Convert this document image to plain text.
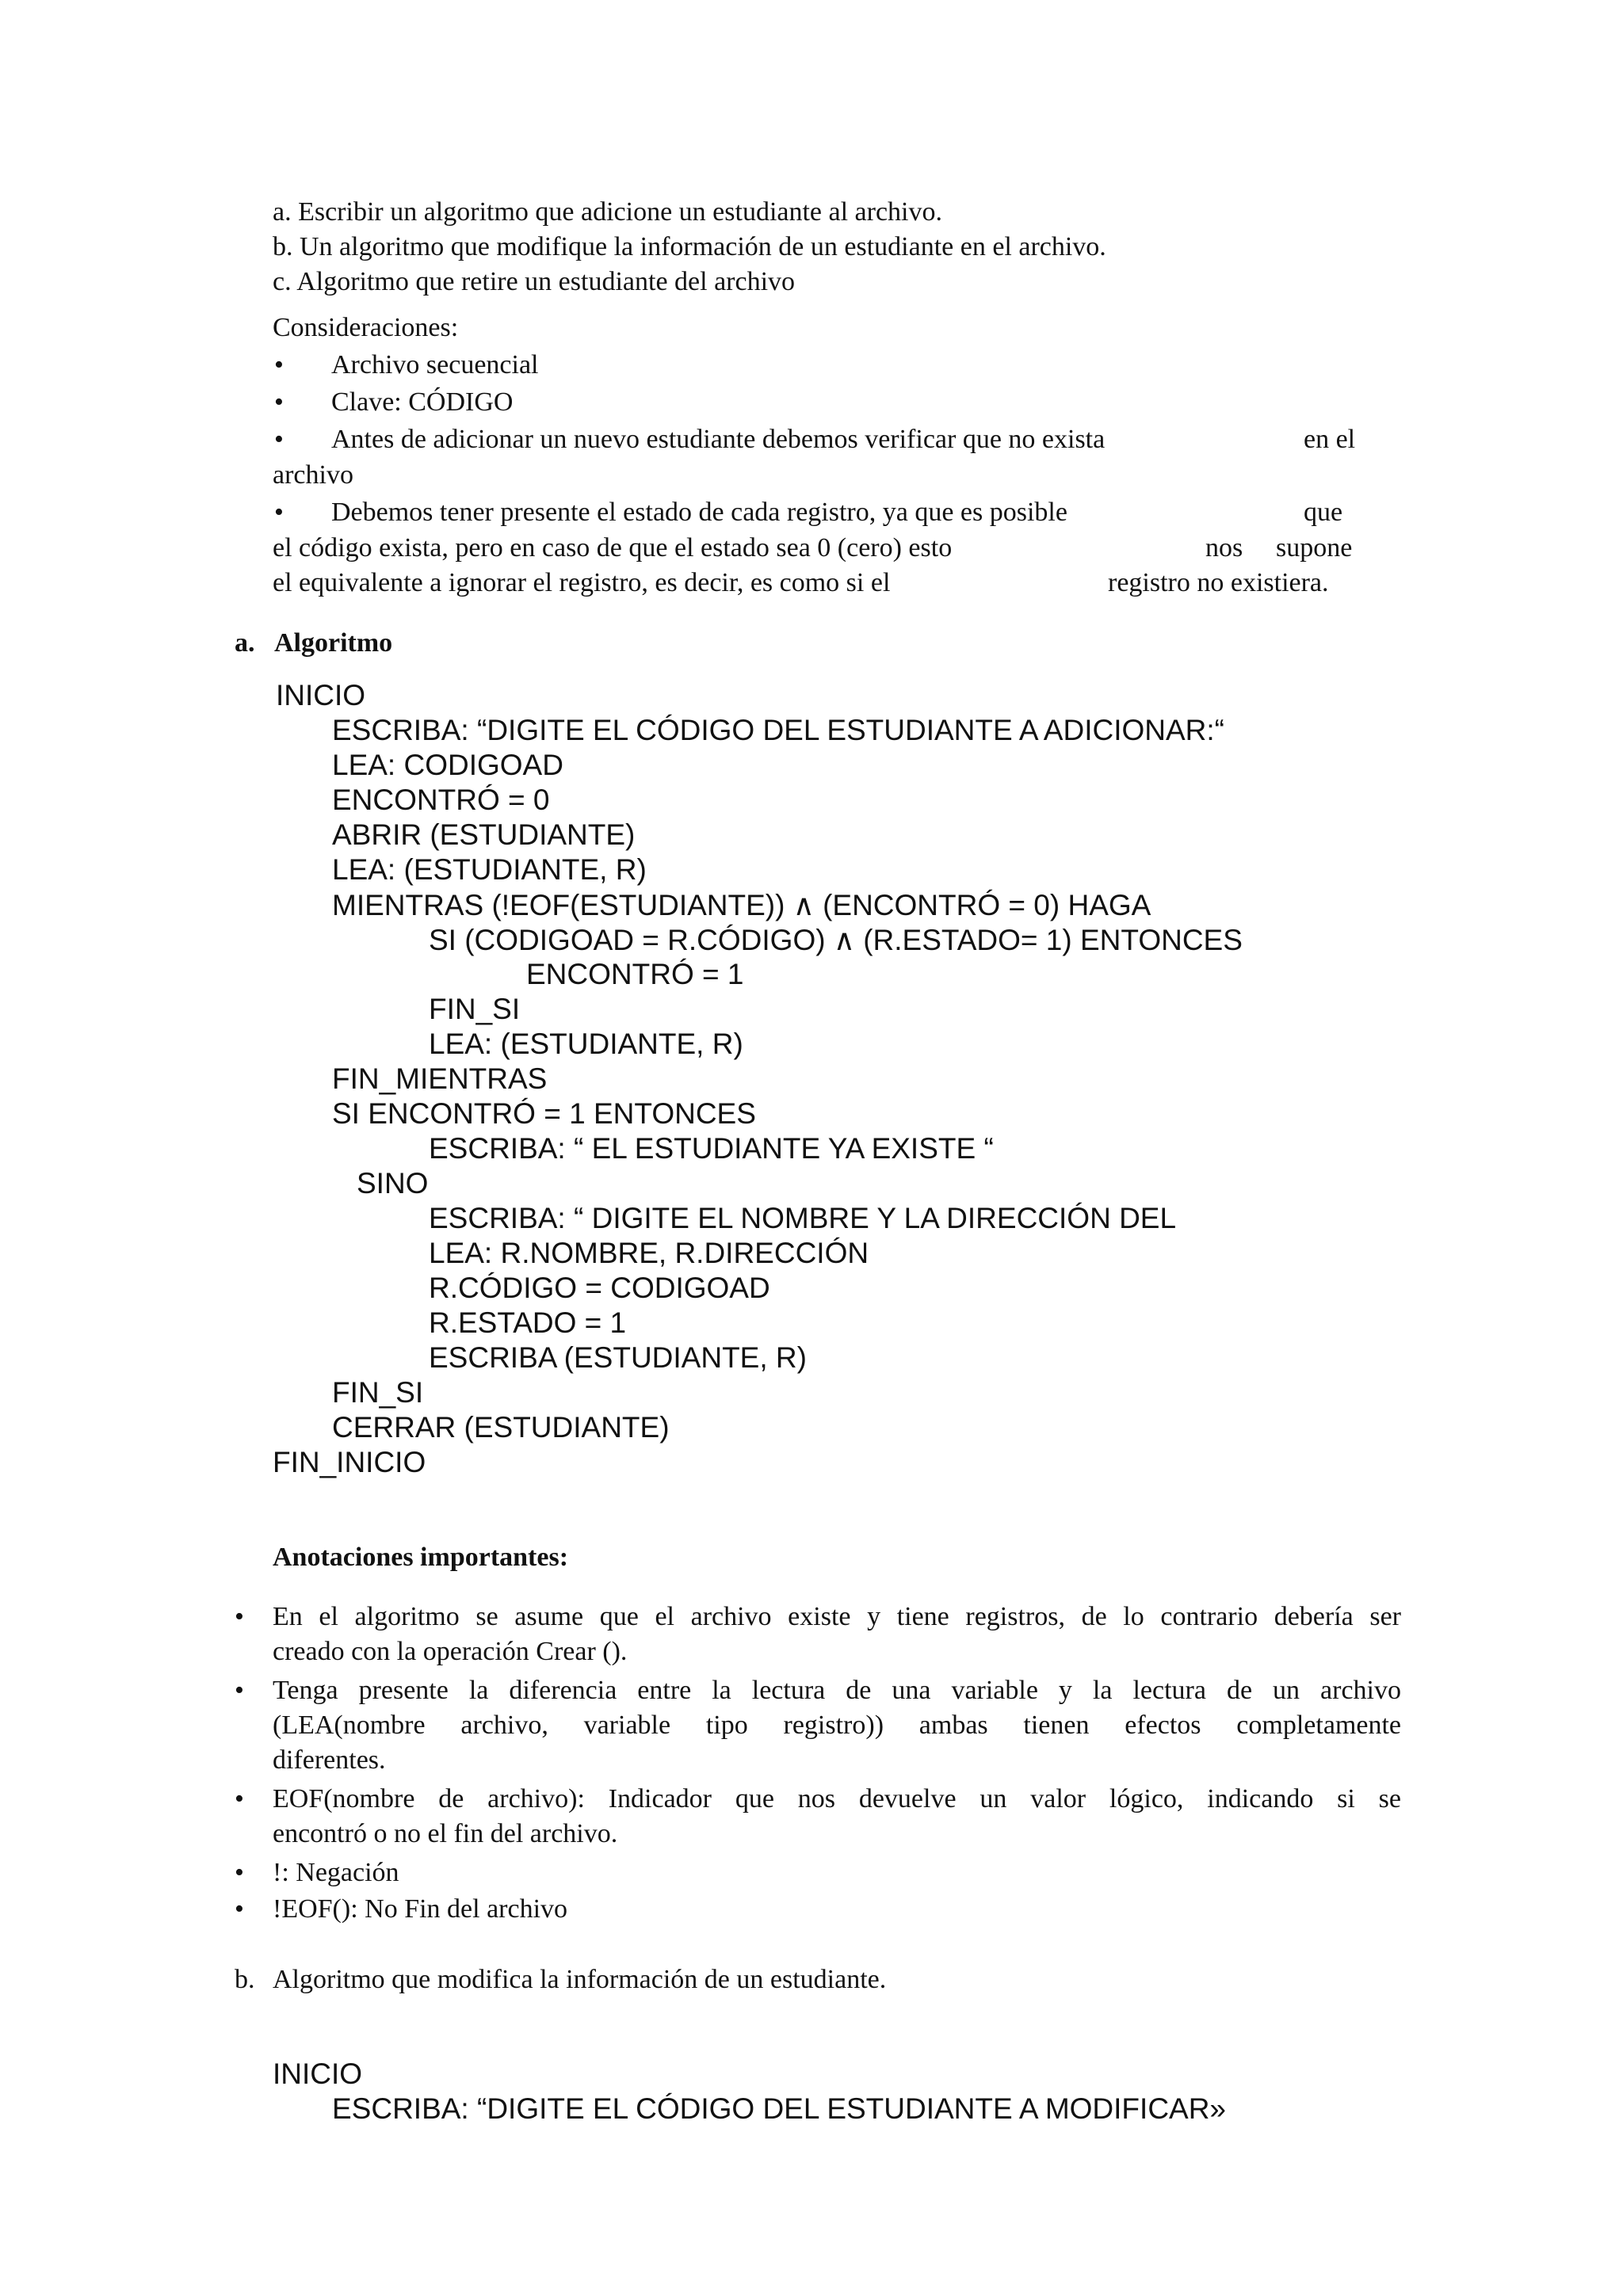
a. Escribir un algoritmo que adicione un estudiante al archivo.
b. Un algoritmo que modifique la información de un estudiante en el archivo.
c. Algoritmo que retire un estudiante del archivo
Consideraciones:
• Archivo secuencial
• Clave: CÓDIGO
• Antes de adicionar un nuevo estudiante debemos verificar que no exista	en el
archivo
• Debemos tener presente el estado de cada registro, ya que es posible	que
el código exista, pero en caso de que el estado sea 0 (cero) esto	nos supone
el equivalente a ignorar el registro, es decir, es como si el	registro no existiera.
a. Algoritmo
INICIO
ESCRIBA: “DIGITE EL CÓDIGO DEL ESTUDIANTE A ADICIONAR:“
LEA: CODIGOAD
ENCONTRÓ = 0
ABRIR (ESTUDIANTE)
LEA: (ESTUDIANTE, R)
MIENTRAS (!EOF(ESTUDIANTE)) ∧ (ENCONTRÓ = 0) HAGA
SI (CODIGOAD = R.CÓDIGO) ∧ (R.ESTADO= 1) ENTONCES
ENCONTRÓ = 1
FIN_SI
LEA: (ESTUDIANTE, R)
FIN_MIENTRAS
SI ENCONTRÓ = 1 ENTONCES
ESCRIBA: “ EL ESTUDIANTE YA EXISTE “
SINO
ESCRIBA: “ DIGITE EL NOMBRE Y LA DIRECCIÓN DEL
LEA: R.NOMBRE, R.DIRECCIÓN
R.CÓDIGO = CODIGOAD
R.ESTADO = 1
ESCRIBA (ESTUDIANTE, R)
FIN_SI
CERRAR (ESTUDIANTE)
FIN_INICIO
Anotaciones importantes:
• En el algoritmo se asume que el archivo existe y tiene registros, de lo contrario debería ser
creado con la operación Crear ().
• Tenga presente la diferencia entre la lectura de una variable y la lectura de un archivo
(LEA(nombre archivo, variable tipo registro)) ambas tienen efectos completamente
diferentes.
• EOF(nombre de archivo): Indicador que nos devuelve un valor lógico, indicando si se
encontró o no el fin del archivo.
• !: Negación
• !EOF(): No Fin del archivo
b. Algoritmo que modifica la información de un estudiante.
INICIO
ESCRIBA: “DIGITE EL CÓDIGO DEL ESTUDIANTE A MODIFICAR»
